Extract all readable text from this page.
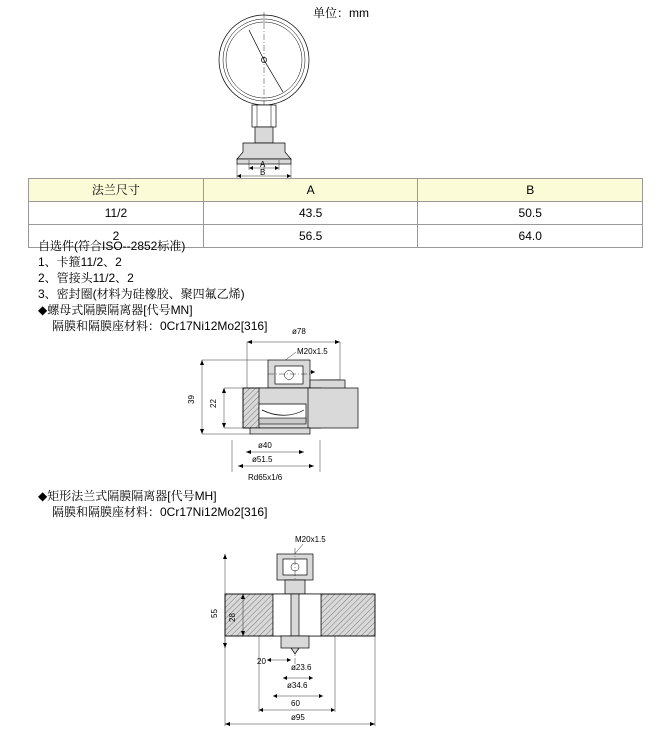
单位：mm
A
B
法兰尺寸	A	B
11/2	43.5	50.5
2	56.5	64.0
自选件(符合ISO--2852标准)
1、卡箍11/2、2
2、管接头11/2、2
3、密封圈(材料为硅橡胶、聚四氟乙烯)
◆螺母式隔膜隔离器[代号MN]
隔膜和隔膜座材料：0Cr17Ni12Mo2[316]	ø78
M20x1.5
39 22
ø40
ø51.5
Rd65x1/6
◆矩形法兰式隔膜隔离器[代号MH]
隔膜和隔膜座材料：0Cr17Ni12Mo2[316]
M20x1.5
55 28
20
ø23.6
ø34.6
60
ø95
